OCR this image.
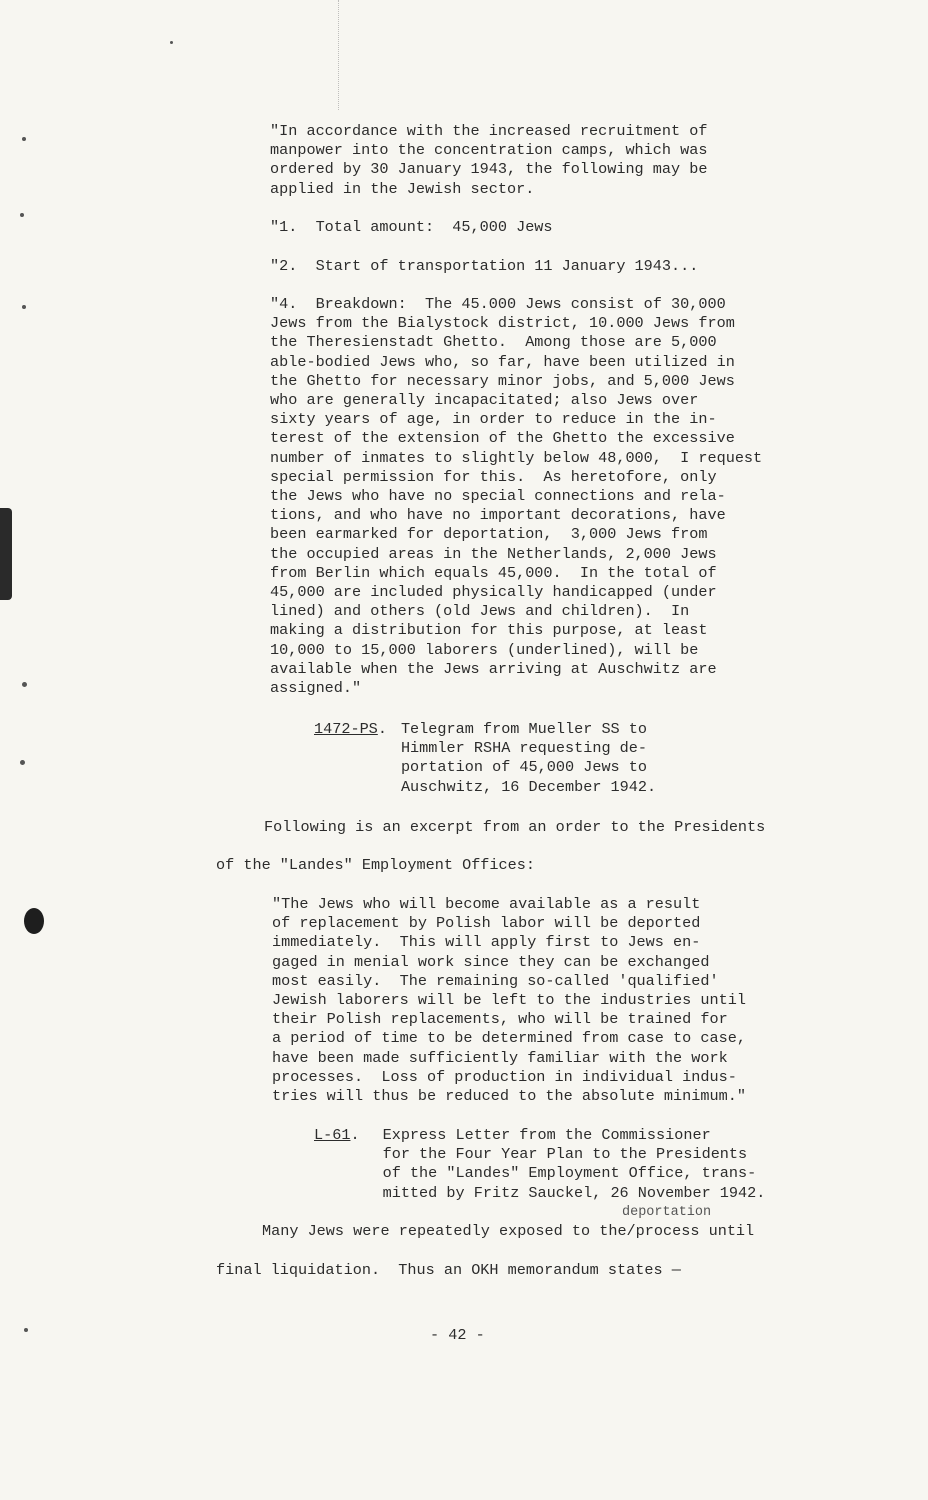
"In accordance with the increased recruitment of
manpower into the concentration camps, which was
ordered by 30 January 1943, the following may be
applied in the Jewish sector.
"1.  Total amount:  45,000 Jews
"2.  Start of transportation 11 January 1943...
"4.  Breakdown:  The 45.000 Jews consist of 30,000
Jews from the Bialystock district, 10.000 Jews from
the Theresienstadt Ghetto.  Among those are 5,000
able-bodied Jews who, so far, have been utilized in
the Ghetto for necessary minor jobs, and 5,000 Jews
who are generally incapacitated; also Jews over
sixty years of age, in order to reduce in the in-
terest of the extension of the Ghetto the excessive
number of inmates to slightly below 48,000,  I request
special permission for this.  As heretofore, only
the Jews who have no special connections and rela-
tions, and who have no important decorations, have
been earmarked for deportation,  3,000 Jews from
the occupied areas in the Netherlands, 2,000 Jews
from Berlin which equals 45,000.  In the total of
45,000 are included physically handicapped (under
lined) and others (old Jews and children).  In
making a distribution for this purpose, at least
10,000 to 15,000 laborers (underlined), will be
available when the Jews arriving at Auschwitz are
assigned."
1472-PS. Telegram from Mueller SS to
Himmler RSHA requesting de-
portation of 45,000 Jews to
Auschwitz, 16 December 1942.
Following is an excerpt from an order to the Presidents
of the "Landes" Employment Offices:
"The Jews who will become available as a result
of replacement by Polish labor will be deported
immediately.  This will apply first to Jews en-
gaged in menial work since they can be exchanged
most easily.  The remaining so-called 'qualified'
Jewish laborers will be left to the industries until
their Polish replacements, who will be trained for
a period of time to be determined from case to case,
have been made sufficiently familiar with the work
processes.  Loss of production in individual indus-
tries will thus be reduced to the absolute minimum."
L-61. Express Letter from the Commissioner
for the Four Year Plan to the Presidents
of the "Landes" Employment Office, trans-
mitted by Fritz Sauckel, 26 November 1942.
deportation
Many Jews were repeatedly exposed to the/process until
final liquidation.  Thus an OKH memorandum states —
- 42 -
